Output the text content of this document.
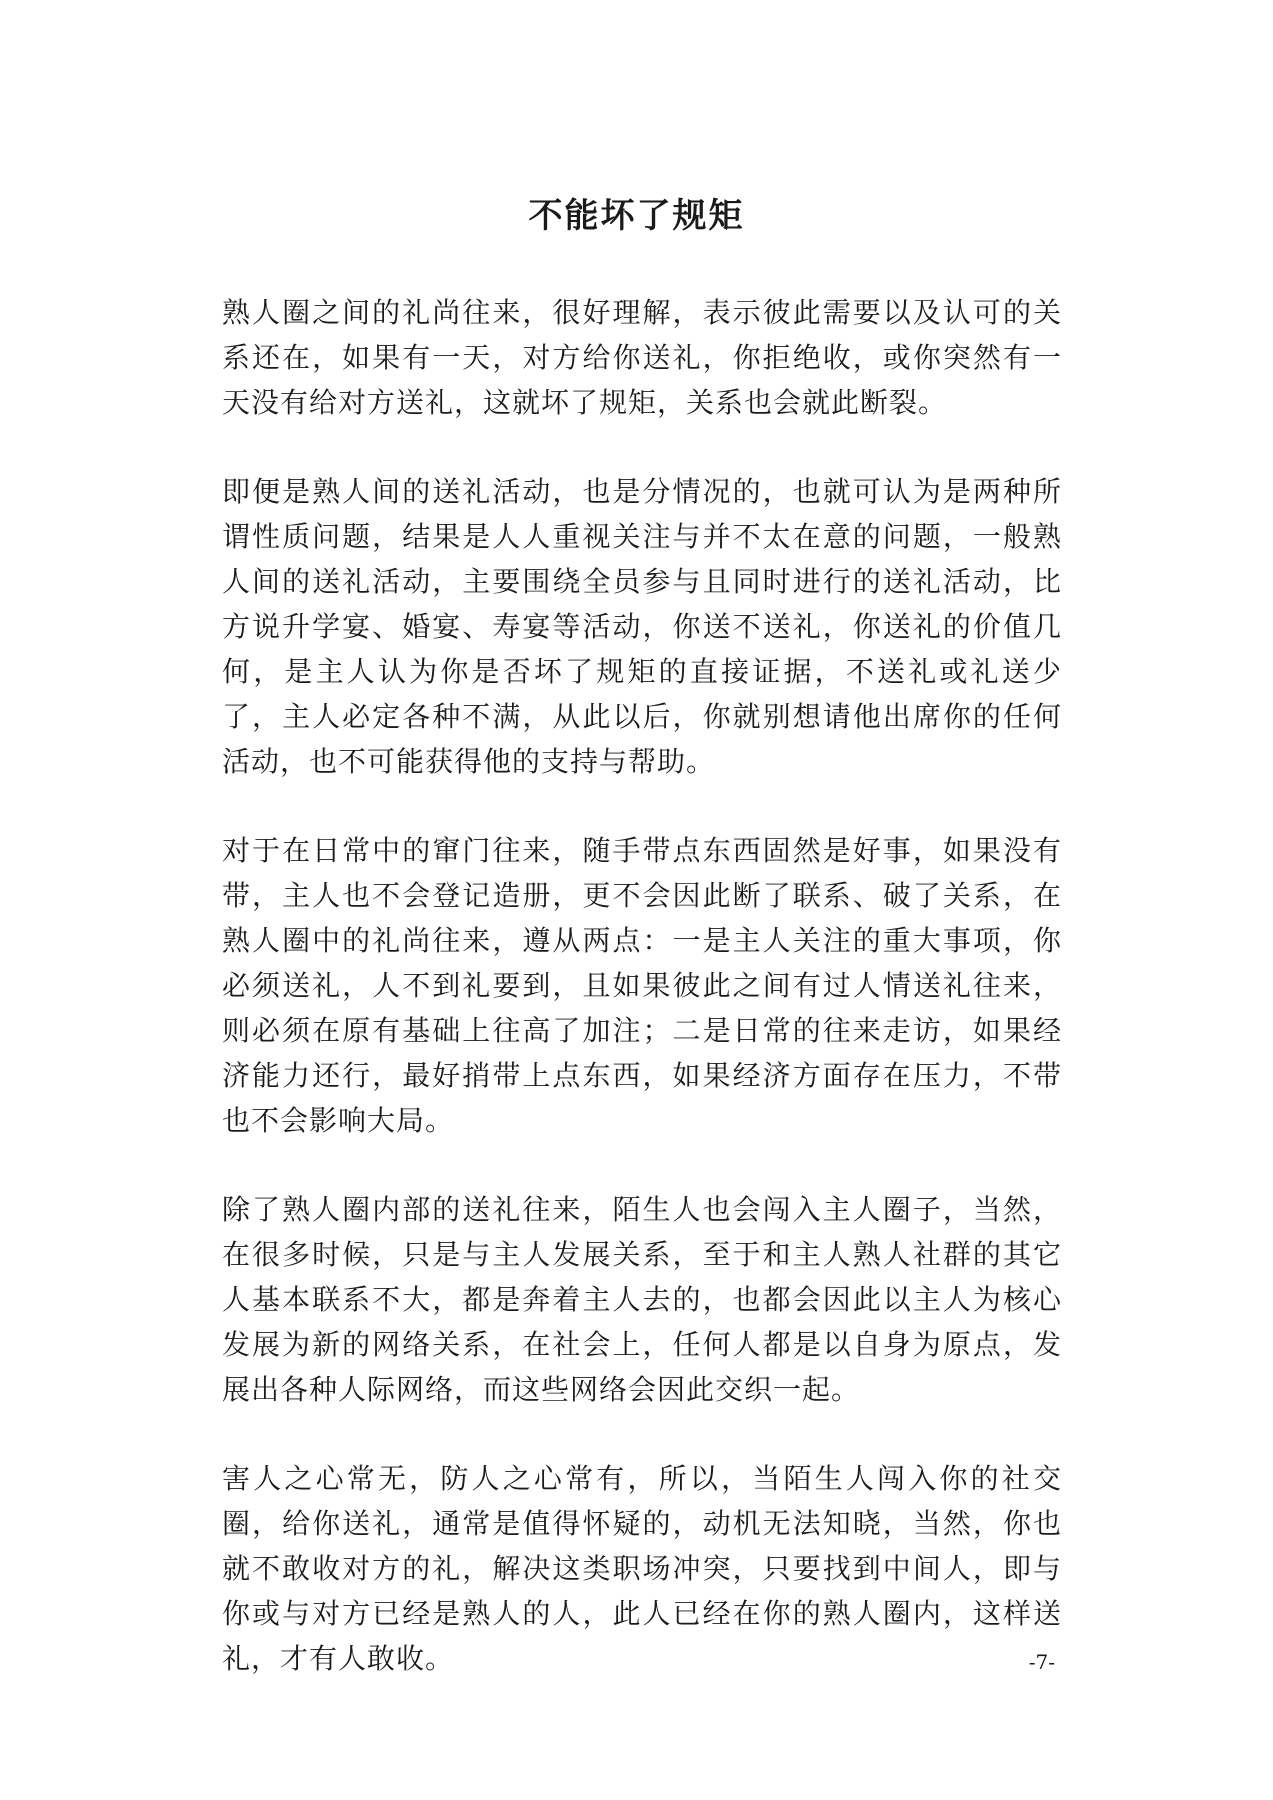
不能坏了规矩

熟人圈之间的礼尚往来，很好理解，表示彼此需要以及认可的关系还在，如果有一天，对方给你送礼，你拒绝收，或你突然有一天没有给对方送礼，这就坏了规矩，关系也会就此断裂。

即便是熟人间的送礼活动，也是分情况的，也就可认为是两种所谓性质问题，结果是人人重视关注与并不太在意的问题，一般熟人间的送礼活动，主要围绕全员参与且同时进行的送礼活动，比方说升学宴、婚宴、寿宴等活动，你送不送礼，你送礼的价值几何，是主人认为你是否坏了规矩的直接证据，不送礼或礼送少了，主人必定各种不满，从此以后，你就别想请他出席你的任何活动，也不可能获得他的支持与帮助。

对于在日常中的窜门往来，随手带点东西固然是好事，如果没有带，主人也不会登记造册，更不会因此断了联系、破了关系，在熟人圈中的礼尚往来，遵从两点：一是主人关注的重大事项，你必须送礼，人不到礼要到，且如果彼此之间有过人情送礼往来，则必须在原有基础上往高了加注；二是日常的往来走访，如果经济能力还行，最好捎带上点东西，如果经济方面存在压力，不带也不会影响大局。

除了熟人圈内部的送礼往来，陌生人也会闯入主人圈子，当然，在很多时候，只是与主人发展关系，至于和主人熟人社群的其它人基本联系不大，都是奔着主人去的，也都会因此以主人为核心发展为新的网络关系，在社会上，任何人都是以自身为原点，发展出各种人际网络，而这些网络会因此交织一起。

害人之心常无，防人之心常有，所以，当陌生人闯入你的社交圈，给你送礼，通常是值得怀疑的，动机无法知晓，当然，你也就不敢收对方的礼，解决这类职场冲突，只要找到中间人，即与你或与对方已经是熟人的人，此人已经在你的熟人圈内，这样送礼，才有人敢收。	-7-
